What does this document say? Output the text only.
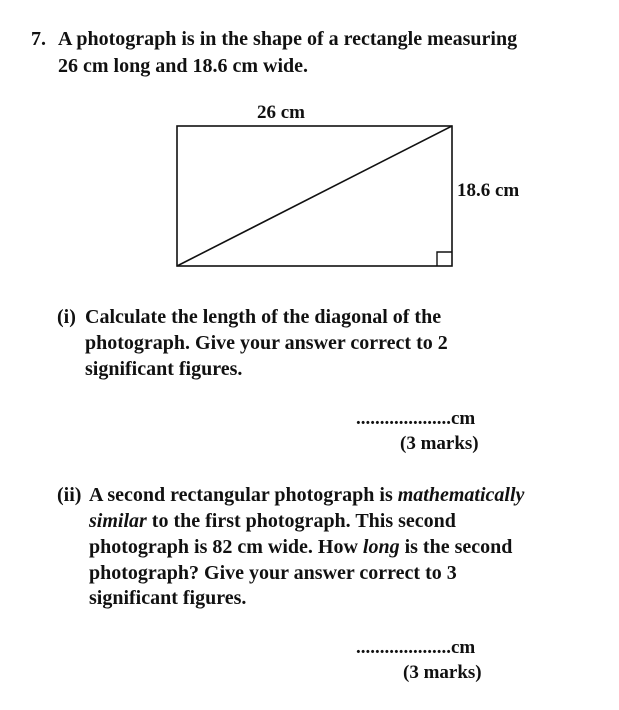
7. A photograph is in the shape of a rectangle measuring
26 cm long and 18.6 cm wide.
26 cm
18.6 cm
(i) Calculate the length of the diagonal of the
photograph. Give your answer correct to 2
significant figures.
....................cm
(3 marks)
(ii) A second rectangular photograph is mathematically
similar to the first photograph. This second
photograph is 82 cm wide. How long is the second
photograph? Give your answer correct to 3
significant figures.
....................cm
(3 marks)
